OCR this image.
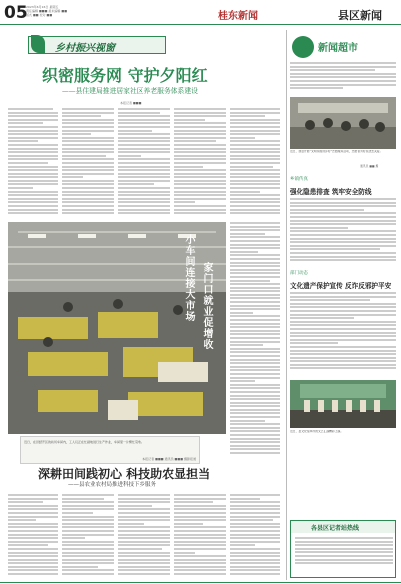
05
2023年6月16日 星期五
责任编辑 ■■■ 美术编辑 ■■
版式 ■■ 校对 ■■	桂东新闻	县区新闻
乡村振兴视窗
织密服务网 守护夕阳红
——县住建局推进居家社区养老服务体系建设
本报记者 ■■■
小车间连接大市场 家门口就业促增收
近日，在县经开区的扶贫车间内，工人们正在忙碌地进行生产作业，车间里一片繁忙景象。
本报记者 ■■■ 通讯员 ■■■ 摄影报道
深耕田间践初心 科技助农显担当
——县农业农村局推进科技下乡服务
新闻超市
近日，我县开展“文明实践进乡村”志愿服务活动，志愿者为村民送去关爱。
通讯员 ■■ 摄
乡镇传真
强化隐患排查 筑牢安全防线
部门动态
文化遗产保护宣传 反诈反邪护平安
近日，县文化馆举办的文艺汇演精彩上演。
各县区记者站热线
